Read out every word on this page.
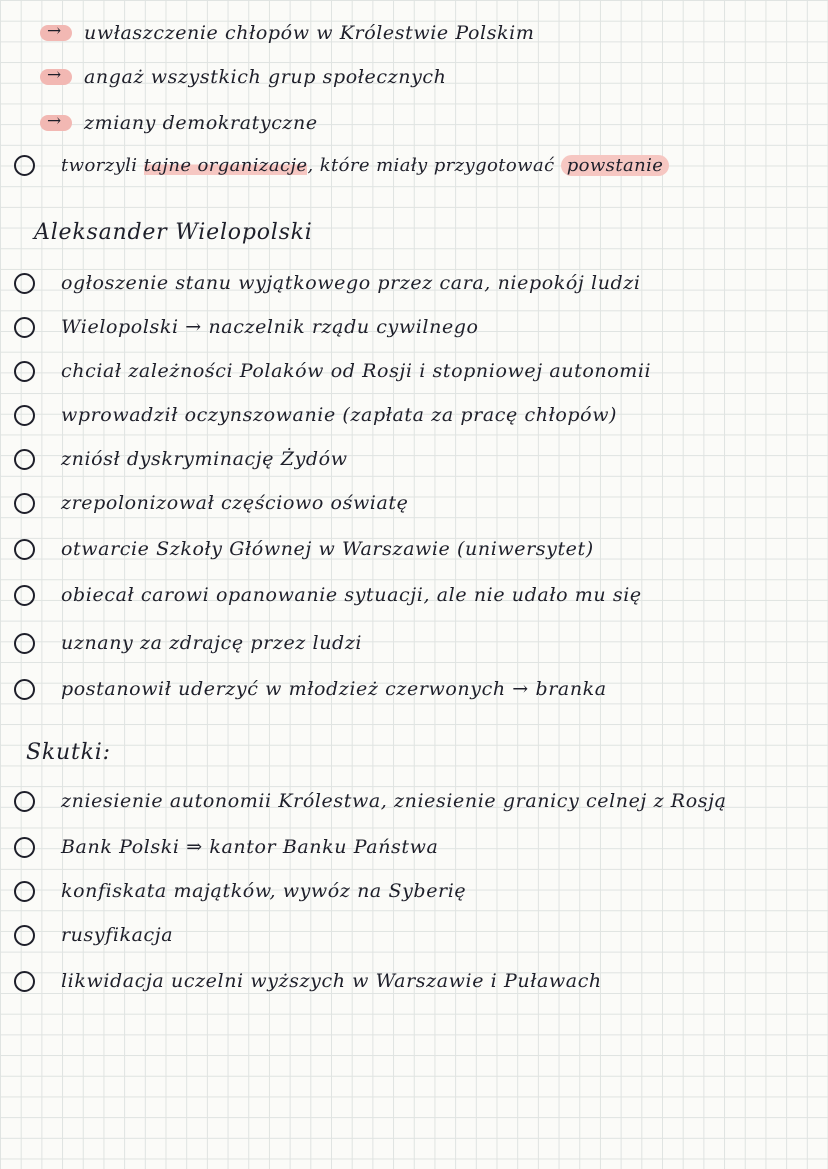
→
uwłaszczenie chłopów w Królestwie Polskim
→
angaż wszystkich grup społecznych
→
zmiany demokratyczne
tworzyli
tajne organizacje , które miały przygotować
powstanie
Aleksander Wielopolski
ogłoszenie stanu wyjątkowego przez cara, niepokój ludzi
Wielopolski → naczelnik rządu cywilnego
chciał zależności Polaków od Rosji i stopniowej autonomii
wprowadził oczynszowanie (zapłata za pracę chłopów)
zniósł dyskryminację Żydów
zrepolonizował częściowo oświatę
otwarcie Szkoły Głównej w Warszawie (uniwersytet)
obiecał carowi opanowanie sytuacji, ale nie udało mu się
uznany za zdrajcę przez ludzi
postanowił uderzyć w młodzież czerwonych → branka
Skutki:
zniesienie autonomii Królestwa, zniesienie granicy celnej z Rosją
Bank Polski ⇒ kantor Banku Państwa
konfiskata majątków, wywóz na Syberię
rusyfikacja
likwidacja uczelni wyższych w Warszawie i Puławach
